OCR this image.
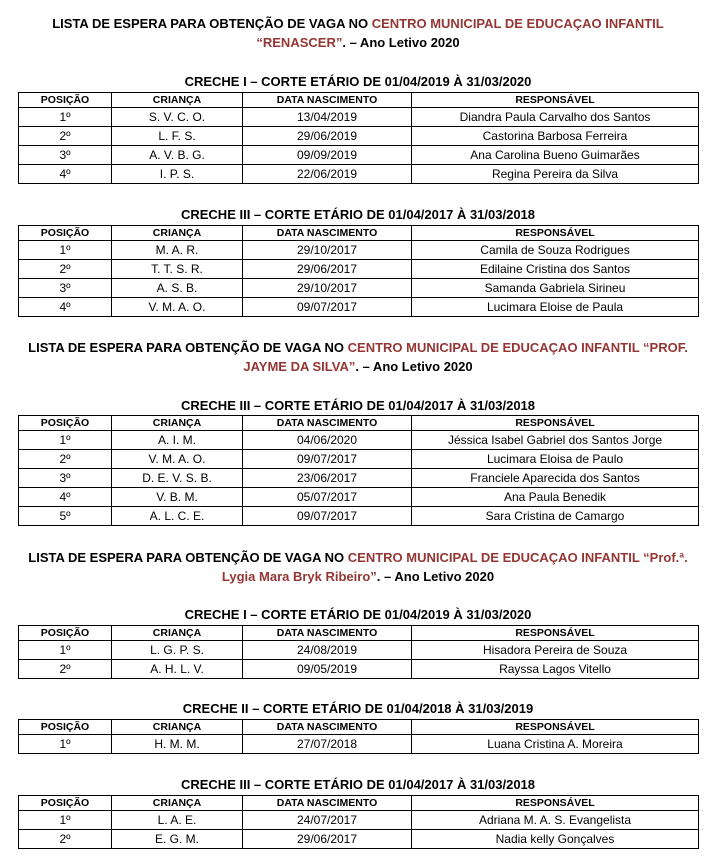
LISTA DE ESPERA PARA OBTENÇÃO DE VAGA NO CENTRO MUNICIPAL DE EDUCAÇAO INFANTIL
“RENASCER”. – Ano Letivo 2020
CRECHE I – CORTE ETÁRIO DE 01/04/2019 À 31/03/2020
POSIÇÃO	CRIANÇA	DATA NASCIMENTO	RESPONSÁVEL
1º	S. V. C. O.	13/04/2019	Diandra Paula Carvalho dos Santos
2º	L. F. S.	29/06/2019	Castorina Barbosa Ferreira
3º	A. V. B. G.	09/09/2019	Ana Carolina Bueno Guimarães
4º	I. P. S.	22/06/2019	Regina Pereira da Silva
CRECHE III – CORTE ETÁRIO DE 01/04/2017 À 31/03/2018
POSIÇÃO	CRIANÇA	DATA NASCIMENTO	RESPONSÁVEL
1º	M. A. R.	29/10/2017	Camila de Souza Rodrigues
2º	T. T. S. R.	29/06/2017	Edilaine Cristina dos Santos
3º	A. S. B.	29/10/2017	Samanda Gabriela Sirineu
4º	V. M. A. O.	09/07/2017	Lucimara Eloise de Paula
LISTA DE ESPERA PARA OBTENÇÃO DE VAGA NO CENTRO MUNICIPAL DE EDUCAÇAO INFANTIL “PROF.
JAYME DA SILVA”. – Ano Letivo 2020
CRECHE III – CORTE ETÁRIO DE 01/04/2017 À 31/03/2018
POSIÇÃO	CRIANÇA	DATA NASCIMENTO	RESPONSÁVEL
1º	A. I. M.	04/06/2020	Jéssica Isabel Gabriel dos Santos Jorge
2º	V. M. A. O.	09/07/2017	Lucimara Eloisa de Paulo
3º	D. E. V. S. B.	23/06/2017	Franciele Aparecida dos Santos
4º	V. B. M.	05/07/2017	Ana Paula Benedik
5º	A. L. C. E.	09/07/2017	Sara Cristina de Camargo
LISTA DE ESPERA PARA OBTENÇÃO DE VAGA NO CENTRO MUNICIPAL DE EDUCAÇAO INFANTIL “Prof.ª.
Lygia Mara Bryk Ribeiro”. – Ano Letivo 2020
CRECHE I – CORTE ETÁRIO DE 01/04/2019 À 31/03/2020
POSIÇÃO	CRIANÇA	DATA NASCIMENTO	RESPONSÁVEL
1º	L. G. P. S.	24/08/2019	Hisadora Pereira de Souza
2º	A. H. L. V.	09/05/2019	Rayssa Lagos Vitello
CRECHE II – CORTE ETÁRIO DE 01/04/2018 À 31/03/2019
POSIÇÃO	CRIANÇA	DATA NASCIMENTO	RESPONSÁVEL
1º	H. M. M.	27/07/2018	Luana Cristina A. Moreira
CRECHE III – CORTE ETÁRIO DE 01/04/2017 À 31/03/2018
POSIÇÃO	CRIANÇA	DATA NASCIMENTO	RESPONSÁVEL
1º	L. A. E.	24/07/2017	Adriana M. A. S. Evangelista
2º	E. G. M.	29/06/2017	Nadia kelly Gonçalves
